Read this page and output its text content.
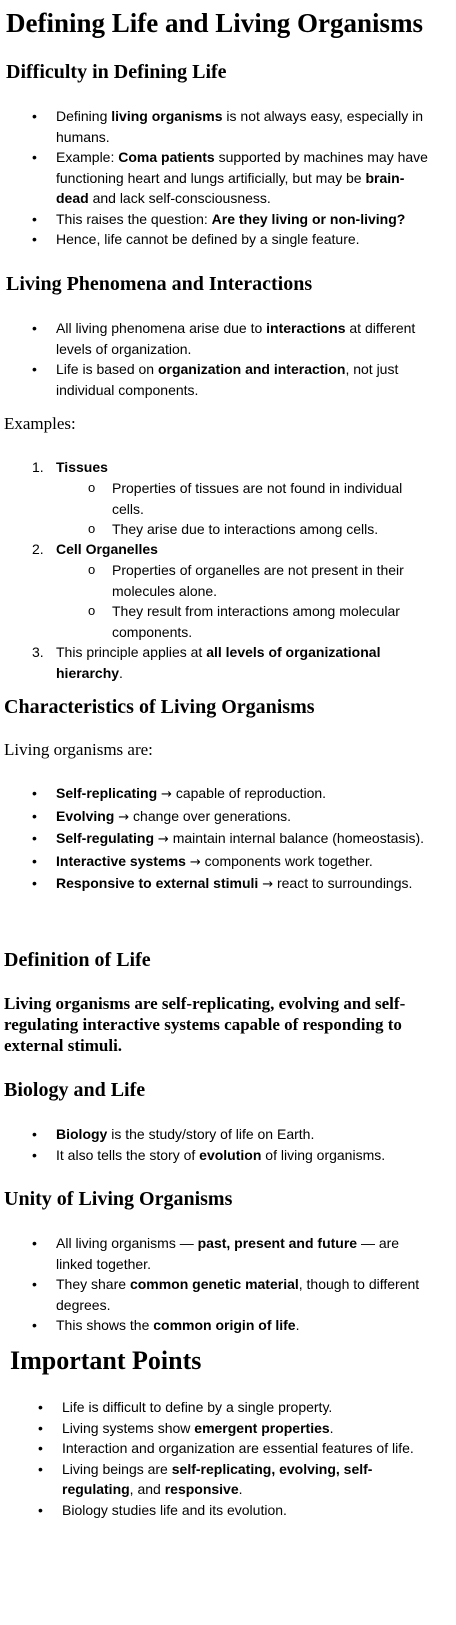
Defining Life and Living Organisms
Difficulty in Defining Life
• Defining living organisms is not always easy, especially in humans.
• Example: Coma patients supported by machines may have functioning heart and lungs artificially, but may be brain-dead and lack self-consciousness.
• This raises the question: Are they living or non-living?
• Hence, life cannot be defined by a single feature.
Living Phenomena and Interactions
• All living phenomena arise due to interactions at different levels of organization.
• Life is based on organization and interaction, not just individual components.
Examples:
1. Tissues
o Properties of tissues are not found in individual cells.
o They arise due to interactions among cells.
2. Cell Organelles
o Properties of organelles are not present in their molecules alone.
o They result from interactions among molecular components.
3. This principle applies at all levels of organizational hierarchy.
Characteristics of Living Organisms
Living organisms are:
• Self-replicating → capable of reproduction.
• Evolving → change over generations.
• Self-regulating → maintain internal balance (homeostasis).
• Interactive systems → components work together.
• Responsive to external stimuli → react to surroundings.
Definition of Life
Living organisms are self-replicating, evolving and self-regulating interactive systems capable of responding to external stimuli.
Biology and Life
• Biology is the study/story of life on Earth.
• It also tells the story of evolution of living organisms.
Unity of Living Organisms
• All living organisms — past, present and future — are linked together.
• They share common genetic material, though to different degrees.
• This shows the common origin of life.
Important Points
• Life is difficult to define by a single property.
• Living systems show emergent properties.
• Interaction and organization are essential features of life.
• Living beings are self-replicating, evolving, self-regulating, and responsive.
• Biology studies life and its evolution.
